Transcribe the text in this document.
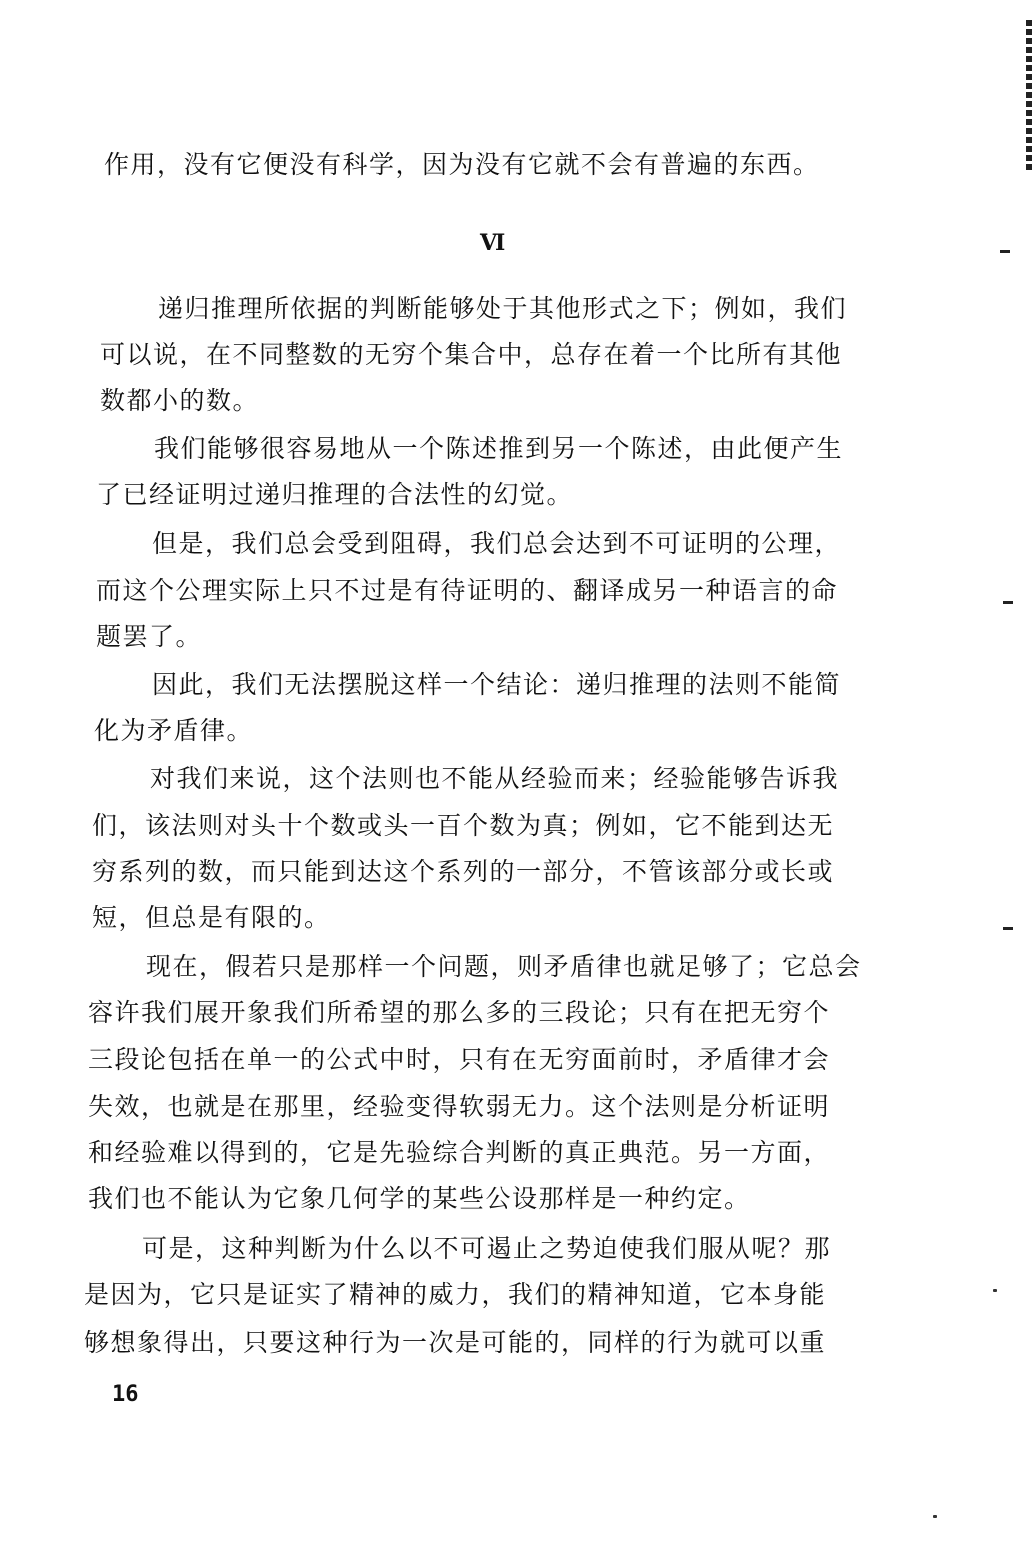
作用，没有它便没有科学，因为没有它就不会有普遍的东西。
Ⅵ
递归推理所依据的判断能够处于其他形式之下；例如，我们
可以说，在不同整数的无穷个集合中，总存在着一个比所有其他
数都小的数。
我们能够很容易地从一个陈述推到另一个陈述，由此便产生
了已经证明过递归推理的合法性的幻觉。
但是，我们总会受到阻碍，我们总会达到不可证明的公理，
而这个公理实际上只不过是有待证明的、翻译成另一种语言的命
题罢了。
因此，我们无法摆脱这样一个结论：递归推理的法则不能简
化为矛盾律。
对我们来说，这个法则也不能从经验而来；经验能够告诉我
们，该法则对头十个数或头一百个数为真；例如，它不能到达无
穷系列的数，而只能到达这个系列的一部分，不管该部分或长或
短，但总是有限的。
现在，假若只是那样一个问题，则矛盾律也就足够了；它总会
容许我们展开象我们所希望的那么多的三段论；只有在把无穷个
三段论包括在单一的公式中时，只有在无穷面前时，矛盾律才会
失效，也就是在那里，经验变得软弱无力。这个法则是分析证明
和经验难以得到的，它是先验综合判断的真正典范。另一方面，
我们也不能认为它象几何学的某些公设那样是一种约定。
可是，这种判断为什么以不可遏止之势迫使我们服从呢？那
是因为，它只是证实了精神的威力，我们的精神知道，它本身能
够想象得出，只要这种行为一次是可能的，同样的行为就可以重
16
